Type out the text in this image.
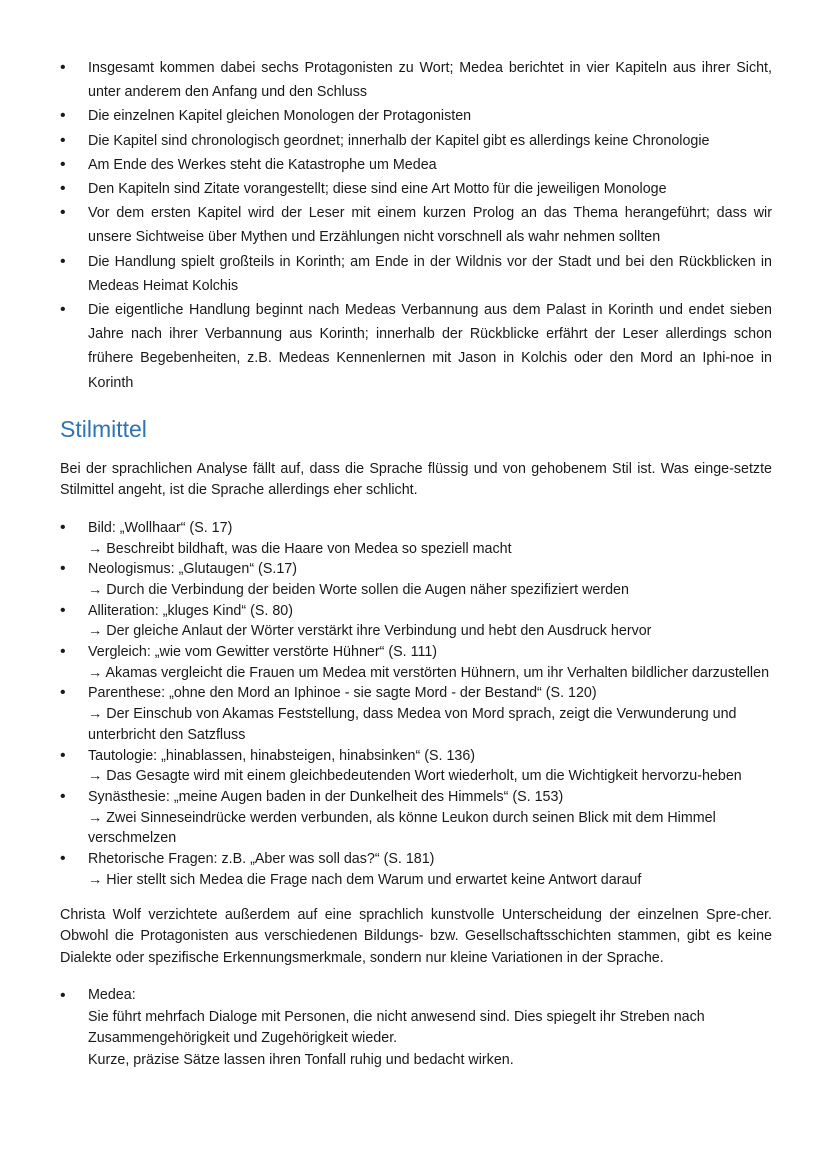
• Insgesamt kommen dabei sechs Protagonisten zu Wort; Medea berichtet in vier Kapiteln aus ihrer Sicht, unter anderem den Anfang und den Schluss
• Die einzelnen Kapitel gleichen Monologen der Protagonisten
• Die Kapitel sind chronologisch geordnet; innerhalb der Kapitel gibt es allerdings keine Chronologie
• Am Ende des Werkes steht die Katastrophe um Medea
• Den Kapiteln sind Zitate vorangestellt; diese sind eine Art Motto für die jeweiligen Monologe
• Vor dem ersten Kapitel wird der Leser mit einem kurzen Prolog an das Thema herangeführt; dass wir unsere Sichtweise über Mythen und Erzählungen nicht vorschnell als wahr nehmen sollten
• Die Handlung spielt großteils in Korinth; am Ende in der Wildnis vor der Stadt und bei den Rückblicken in Medeas Heimat Kolchis
• Die eigentliche Handlung beginnt nach Medeas Verbannung aus dem Palast in Korinth und endet sieben Jahre nach ihrer Verbannung aus Korinth; innerhalb der Rückblicke erfährt der Leser allerdings schon frühere Begebenheiten, z.B. Medeas Kennenlernen mit Jason in Kolchis oder den Mord an Iphi-noe in Korinth
Stilmittel

Bei der sprachlichen Analyse fällt auf, dass die Sprache flüssig und von gehobenem Stil ist. Was einge-setzte Stilmittel angeht, ist die Sprache allerdings eher schlicht.

• Bild: „Wollhaar“ (S. 17)
→ Beschreibt bildhaft, was die Haare von Medea so speziell macht
• Neologismus: „Glutaugen“ (S.17)
→ Durch die Verbindung der beiden Worte sollen die Augen näher spezifiziert werden
• Alliteration: „kluges Kind“ (S. 80)
→ Der gleiche Anlaut der Wörter verstärkt ihre Verbindung und hebt den Ausdruck hervor
• Vergleich: „wie vom Gewitter verstörte Hühner“ (S. 111)
→ Akamas vergleicht die Frauen um Medea mit verstörten Hühnern, um ihr Verhalten bildlicher darzustellen
• Parenthese: „ohne den Mord an Iphinoe - sie sagte Mord - der Bestand“ (S. 120)
→ Der Einschub von Akamas Feststellung, dass Medea von Mord sprach, zeigt die Verwunderung und unterbricht den Satzfluss
• Tautologie: „hinablassen, hinabsteigen, hinabsinken“ (S. 136)
→ Das Gesagte wird mit einem gleichbedeutenden Wort wiederholt, um die Wichtigkeit hervorzu-heben
• Synästhesie: „meine Augen baden in der Dunkelheit des Himmels“ (S. 153)
→ Zwei Sinneseindrücke werden verbunden, als könne Leukon durch seinen Blick mit dem Himmel verschmelzen
• Rhetorische Fragen: z.B. „Aber was soll das?“ (S. 181)
→ Hier stellt sich Medea die Frage nach dem Warum und erwartet keine Antwort darauf

Christa Wolf verzichtete außerdem auf eine sprachlich kunstvolle Unterscheidung der einzelnen Spre-cher. Obwohl die Protagonisten aus verschiedenen Bildungs- bzw. Gesellschaftsschichten stammen, gibt es keine Dialekte oder spezifische Erkennungsmerkmale, sondern nur kleine Variationen in der Sprache.

• Medea:
Sie führt mehrfach Dialoge mit Personen, die nicht anwesend sind. Dies spiegelt ihr Streben nach Zusammengehörigkeit und Zugehörigkeit wieder.
Kurze, präzise Sätze lassen ihren Tonfall ruhig und bedacht wirken.
